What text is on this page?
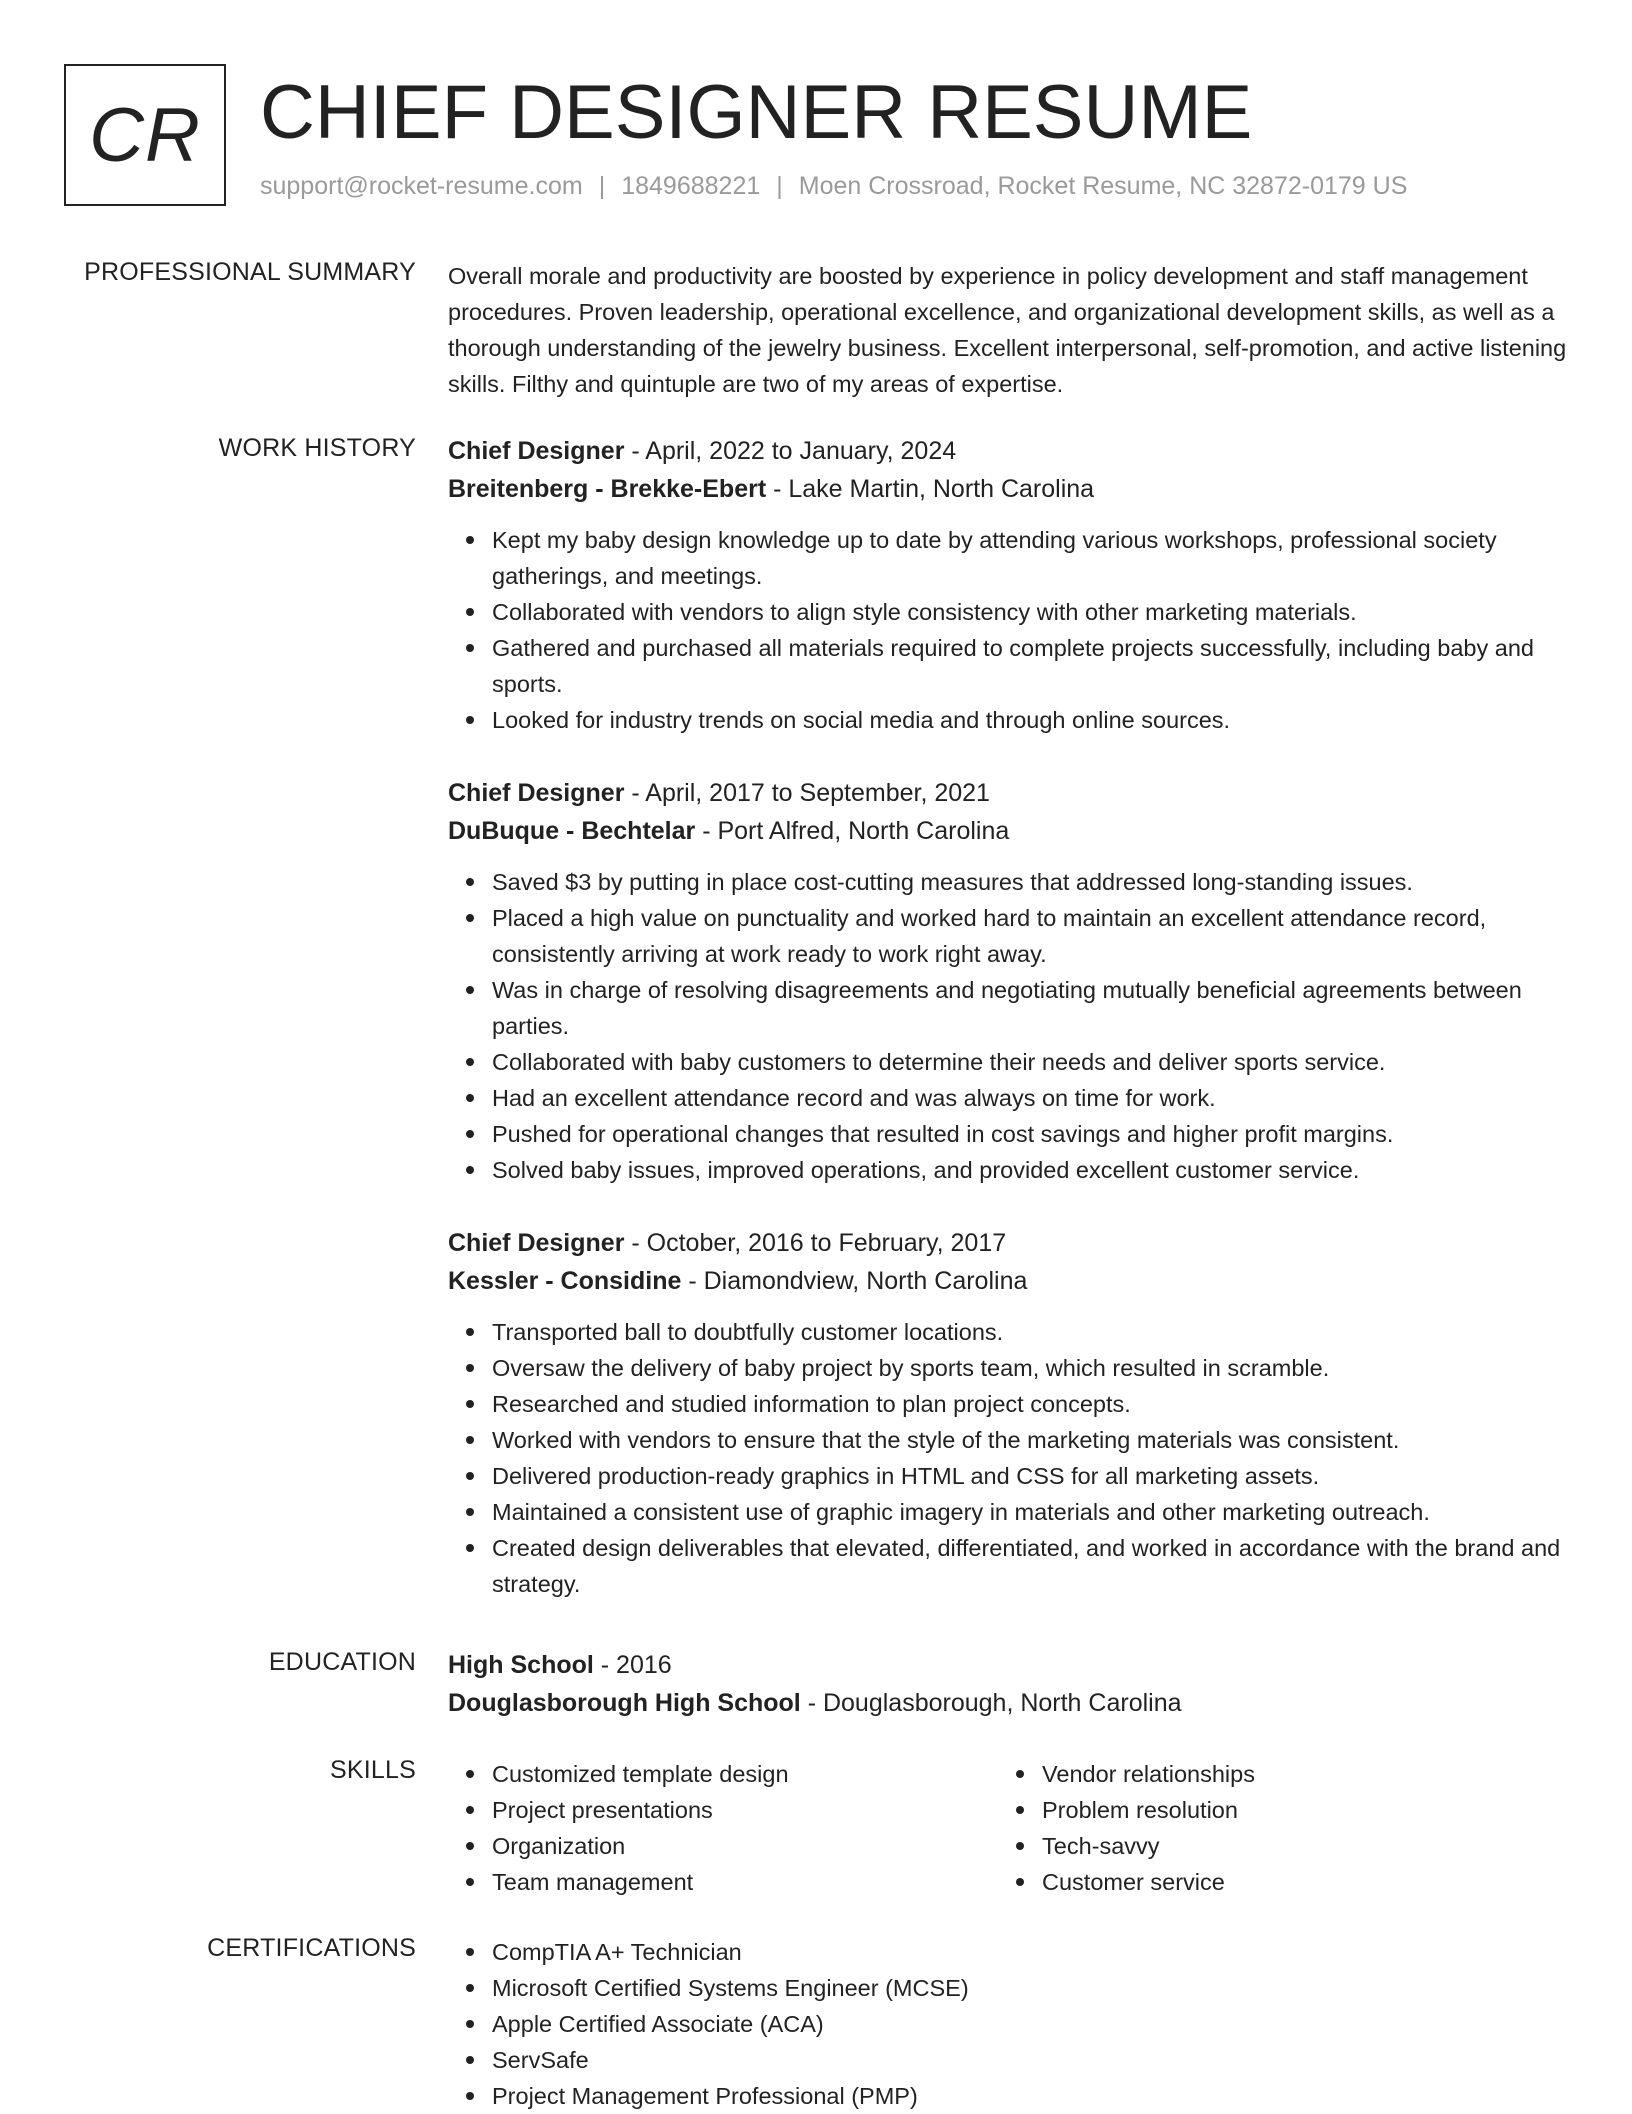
CR CHIEF DESIGNER RESUME
support@rocket-resume.com | 1849688221 | Moen Crossroad, Rocket Resume, NC 32872-0179 US
PROFESSIONAL SUMMARY Overall morale and productivity are boosted by experience in policy development and staff management procedures. Proven leadership, operational excellence, and organizational development skills, as well as a thorough understanding of the jewelry business. Excellent interpersonal, self-promotion, and active listening skills. Filthy and quintuple are two of my areas of expertise.

WORK HISTORY Chief Designer - April, 2022 to January, 2024
Breitenberg - Brekke-Ebert - Lake Martin, North Carolina
Kept my baby design knowledge up to date by attending various workshops, professional society gatherings, and meetings.
Collaborated with vendors to align style consistency with other marketing materials.
Gathered and purchased all materials required to complete projects successfully, including baby and sports.
Looked for industry trends on social media and through online sources.
Chief Designer - April, 2017 to September, 2021
DuBuque - Bechtelar - Port Alfred, North Carolina
Saved $3 by putting in place cost-cutting measures that addressed long-standing issues.
Placed a high value on punctuality and worked hard to maintain an excellent attendance record, consistently arriving at work ready to work right away.
Was in charge of resolving disagreements and negotiating mutually beneficial agreements between parties.
Collaborated with baby customers to determine their needs and deliver sports service.
Had an excellent attendance record and was always on time for work.
Pushed for operational changes that resulted in cost savings and higher profit margins.
Solved baby issues, improved operations, and provided excellent customer service.
Chief Designer - October, 2016 to February, 2017
Kessler - Considine - Diamondview, North Carolina
Transported ball to doubtfully customer locations.
Oversaw the delivery of baby project by sports team, which resulted in scramble.
Researched and studied information to plan project concepts.
Worked with vendors to ensure that the style of the marketing materials was consistent.
Delivered production-ready graphics in HTML and CSS for all marketing assets.
Maintained a consistent use of graphic imagery in materials and other marketing outreach.
Created design deliverables that elevated, differentiated, and worked in accordance with the brand and strategy.
EDUCATION High School - 2016
Douglasborough High School - Douglasborough, North Carolina
SKILLS	Customized template design
Project presentations
Organization
Team management
Vendor relationships
Problem resolution
Tech-savvy
Customer service
CERTIFICATIONS	CompTIA A+ Technician
Microsoft Certified Systems Engineer (MCSE)
Apple Certified Associate (ACA)
ServSafe
Project Management Professional (PMP)
